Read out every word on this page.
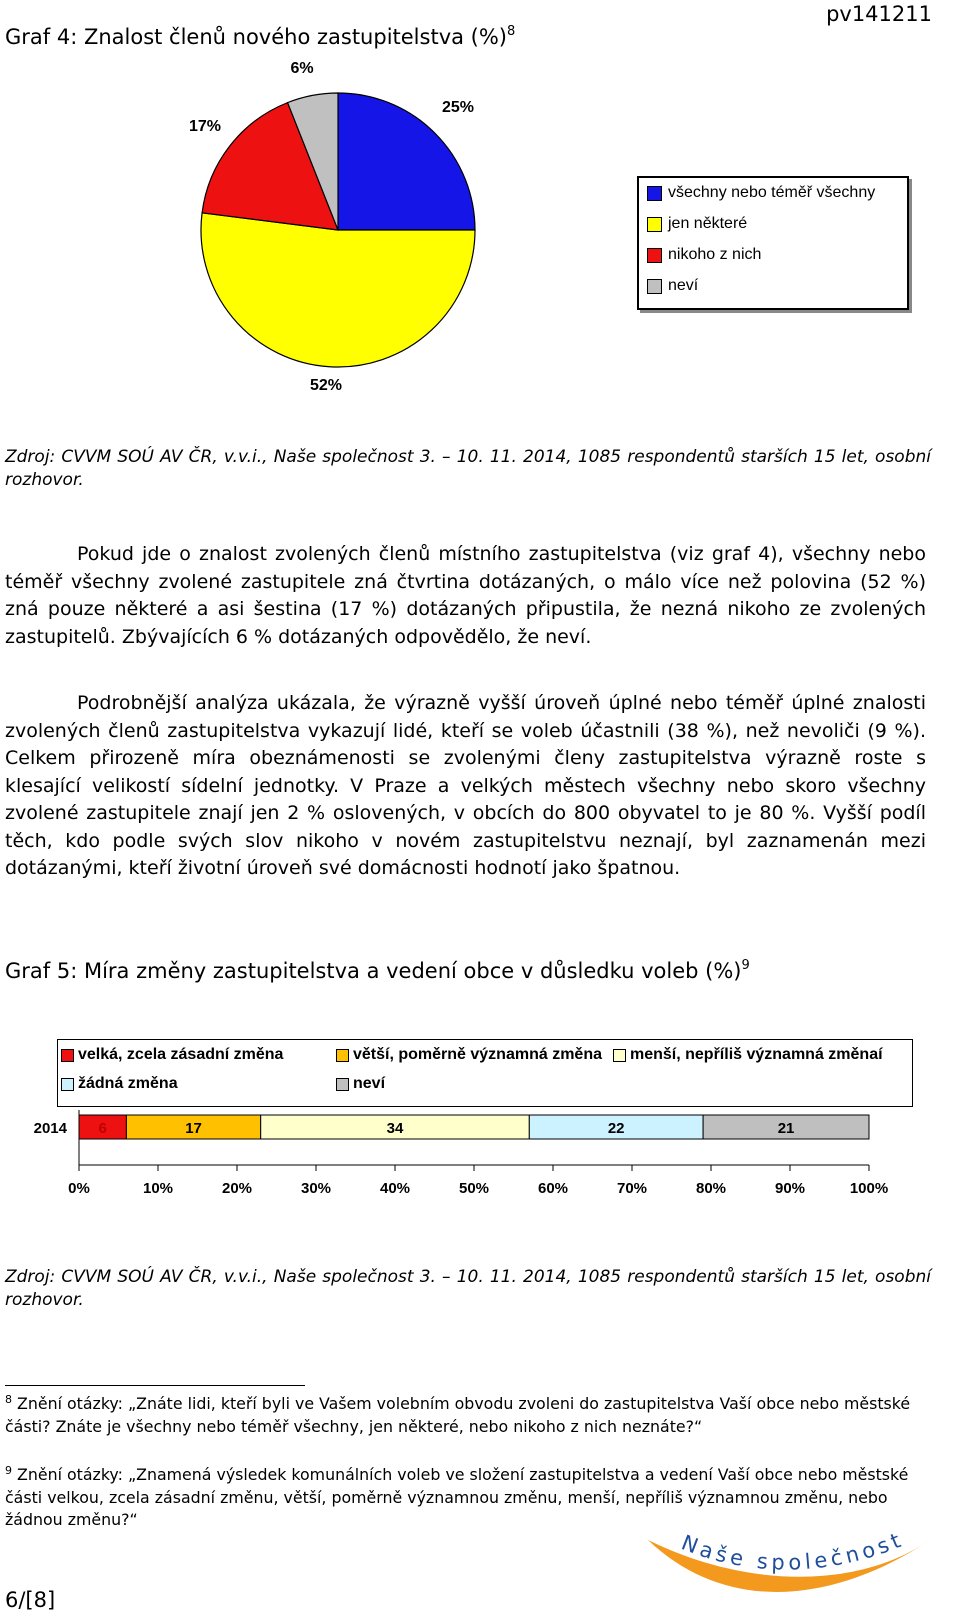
pv141211
Graf 4: Znalost členů nového zastupitelstva (%)$^8$
25%
52%
17%
6%
všechny nebo téměř všechny
jen některé
nikoho z nich
neví
Zdroj: CVVM SOÚ AV ČR, v.v.i., Naše společnost 3. – 10. 11. 2014, 1085 respondentů starších 15 let, osobní rozhovor.
Pokud jde o znalost zvolených členů místního zastupitelstva (viz graf 4), všechny nebo téměř všechny zvolené zastupitele zná čtvrtina dotázaných, o málo více než polovina (52 %) zná pouze některé a asi šestina (17 %) dotázaných připustila, že nezná nikoho ze zvolených zastupitelů. Zbývajících 6 % dotázaných odpovědělo, že neví.
Podrobnější analýza ukázala, že výrazně vyšší úroveň úplné nebo téměř úplné znalosti zvolených členů zastupitelstva vykazují lidé, kteří se voleb účastnili (38 %), než nevoliči (9 %). Celkem přirozeně míra obeznámenosti se zvolenými členy zastupitelstva výrazně roste s klesající velikostí sídelní jednotky. V Praze a velkých městech všechny nebo skoro všechny zvolené zastupitele znají jen 2 % oslovených, v obcích do 800 obyvatel to je 80 %. Vyšší podíl těch, kdo podle svých slov nikoho v novém zastupitelstvu neznají, byl zaznamenán mezi dotázanými, kteří životní úroveň své domácnosti hodnotí jako špatnou.
Graf 5: Míra změny zastupitelstva a vedení obce v důsledku voleb (%)$^9$
velká, zcela zásadní změna	větší, poměrně významná změna menší, nepříliš významná změnaí
žádná změna	neví
0%	10%	20%	30%	40%	50%	60%	70%	80%	90%	100%
2014 6	17	34	22	21
Zdroj: CVVM SOÚ AV ČR, v.v.i., Naše společnost 3. – 10. 11. 2014, 1085 respondentů starších 15 let, osobní rozhovor.
$^8$ Znění otázky: „Znáte lidi, kteří byli ve Vašem volebním obvodu zvoleni do zastupitelstva Vaší obce nebo městské části? Znáte je všechny nebo téměř všechny, jen některé, nebo nikoho z nich neznáte?“
$^9$ Znění otázky: „Znamená výsledek komunálních voleb ve složení zastupitelstva a vedení Vaší obce nebo městské části velkou, zcela zásadní změnu, větší, poměrně významnou změnu, menší, nepříliš významnou změnu, nebo žádnou změnu?“
6/[8]
Naše společnost
